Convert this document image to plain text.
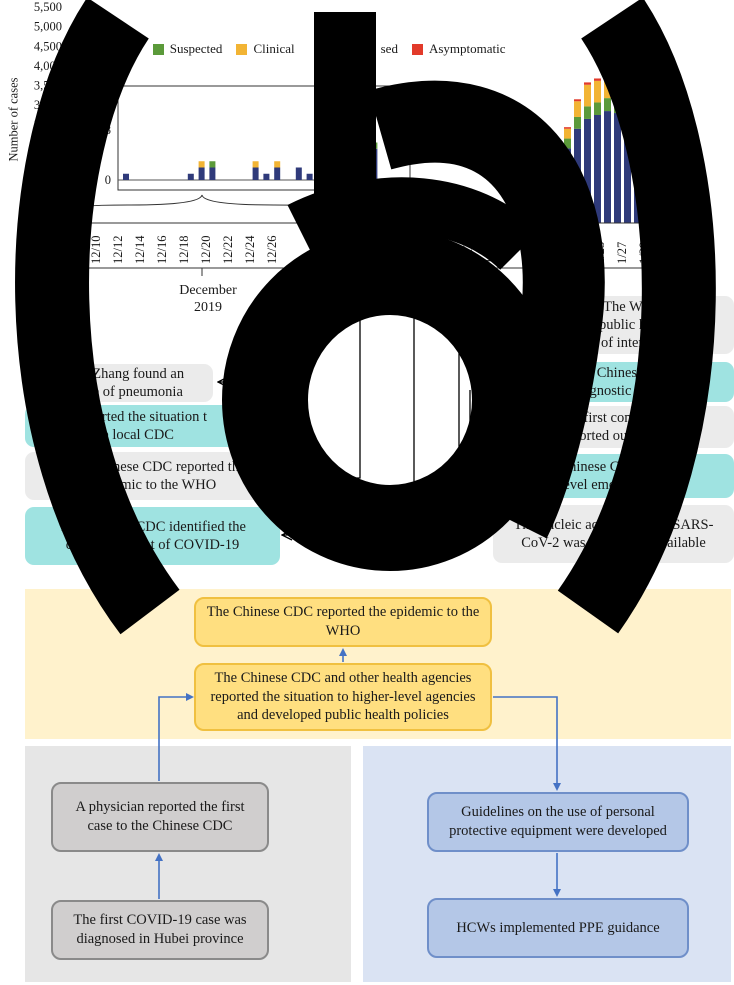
5,500
5,000
4,500
4,000
3,500
3,000
2,500
2,000
1,500
1,000
500
0
12
8
0
12/8 12/10 12/12 12/14 12/16 12/18 12/20 12/22 12/24 12/26	1/3 1/5 1/7 1/9 1/11 1/13 1/15	1/23 1/25 1/27 1/29 1/31
Number of cases
rmed Suspected Clinical	sed Asymptomatic
December
2019
octor Zhang found an
al case of pneumonia
ng reported the situation t
the local CDC
The Chinese CDC reported th
epidemic to the WHO
The Chinese CDC identified the
causative agent of COVID-19
The WHO decla
public health eme
of international c
The Chinese CDC su
diagnostic kits to the
The first confirmed ca
reported outside Hub
he Chinese CDC launch
-level emergency re
The nucleic acid seq	SARS-
CoV-2 was made p available
The Chinese CDC reported the epidemic to the WHO
The Chinese CDC and other health agencies reported the situation to higher-level agencies and developed public health policies
A physician reported the first case to the Chinese CDC
The first COVID-19 case was diagnosed in Hubei province
Guidelines on the use of personal protective equipment were developed
HCWs implemented PPE guidance
